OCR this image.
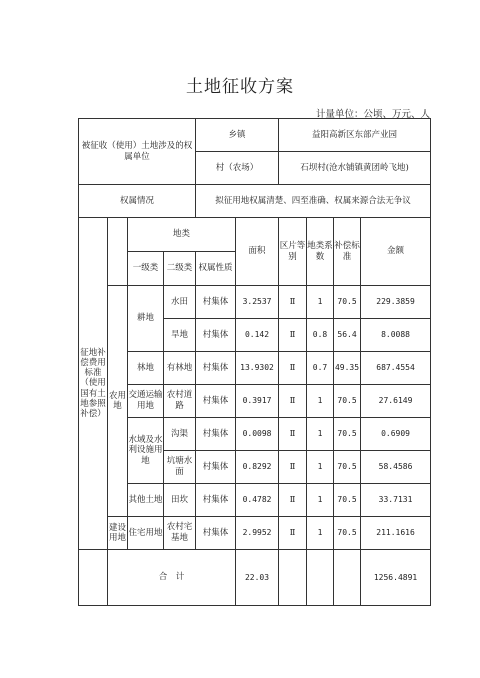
土地征收方案
计量单位：公顷、万元、人
被征收（使用）土地涉及的权属单位				乡镇		益阳高新区东部产业园			
				村（农场）		石坝村(沧水铺镇黄团岭飞地)			
权属情况				拟征用地权属清楚、四至准确、权属来源合法无争议					
征地补偿费用标准（使用国有土地参照补偿）		地类			面积	区片等别	地类系数	补偿标准	金额
		一级类	二级类	权属性质					
	农用地	耕地	水田	村集体	3.2537	Ⅱ	1	70.5	229.3859
			旱地	村集体	0.142	Ⅱ	0.8	56.4	8.0088
		林地	有林地	村集体	13.9302	Ⅱ	0.7	49.35	687.4554
		交通运输用地	农村道路	村集体	0.3917	Ⅱ	1	70.5	27.6149
		水域及水利设施用地	沟渠	村集体	0.0098	Ⅱ	1	70.5	0.6909
			坑塘水面	村集体	0.8292	Ⅱ	1	70.5	58.4586
		其他土地	田坎	村集体	0.4782	Ⅱ	1	70.5	33.7131
	建设用地	住宅用地	农村宅基地	村集体	2.9952	Ⅱ	1	70.5	211.1616
	合　计				22.03				1256.4891
